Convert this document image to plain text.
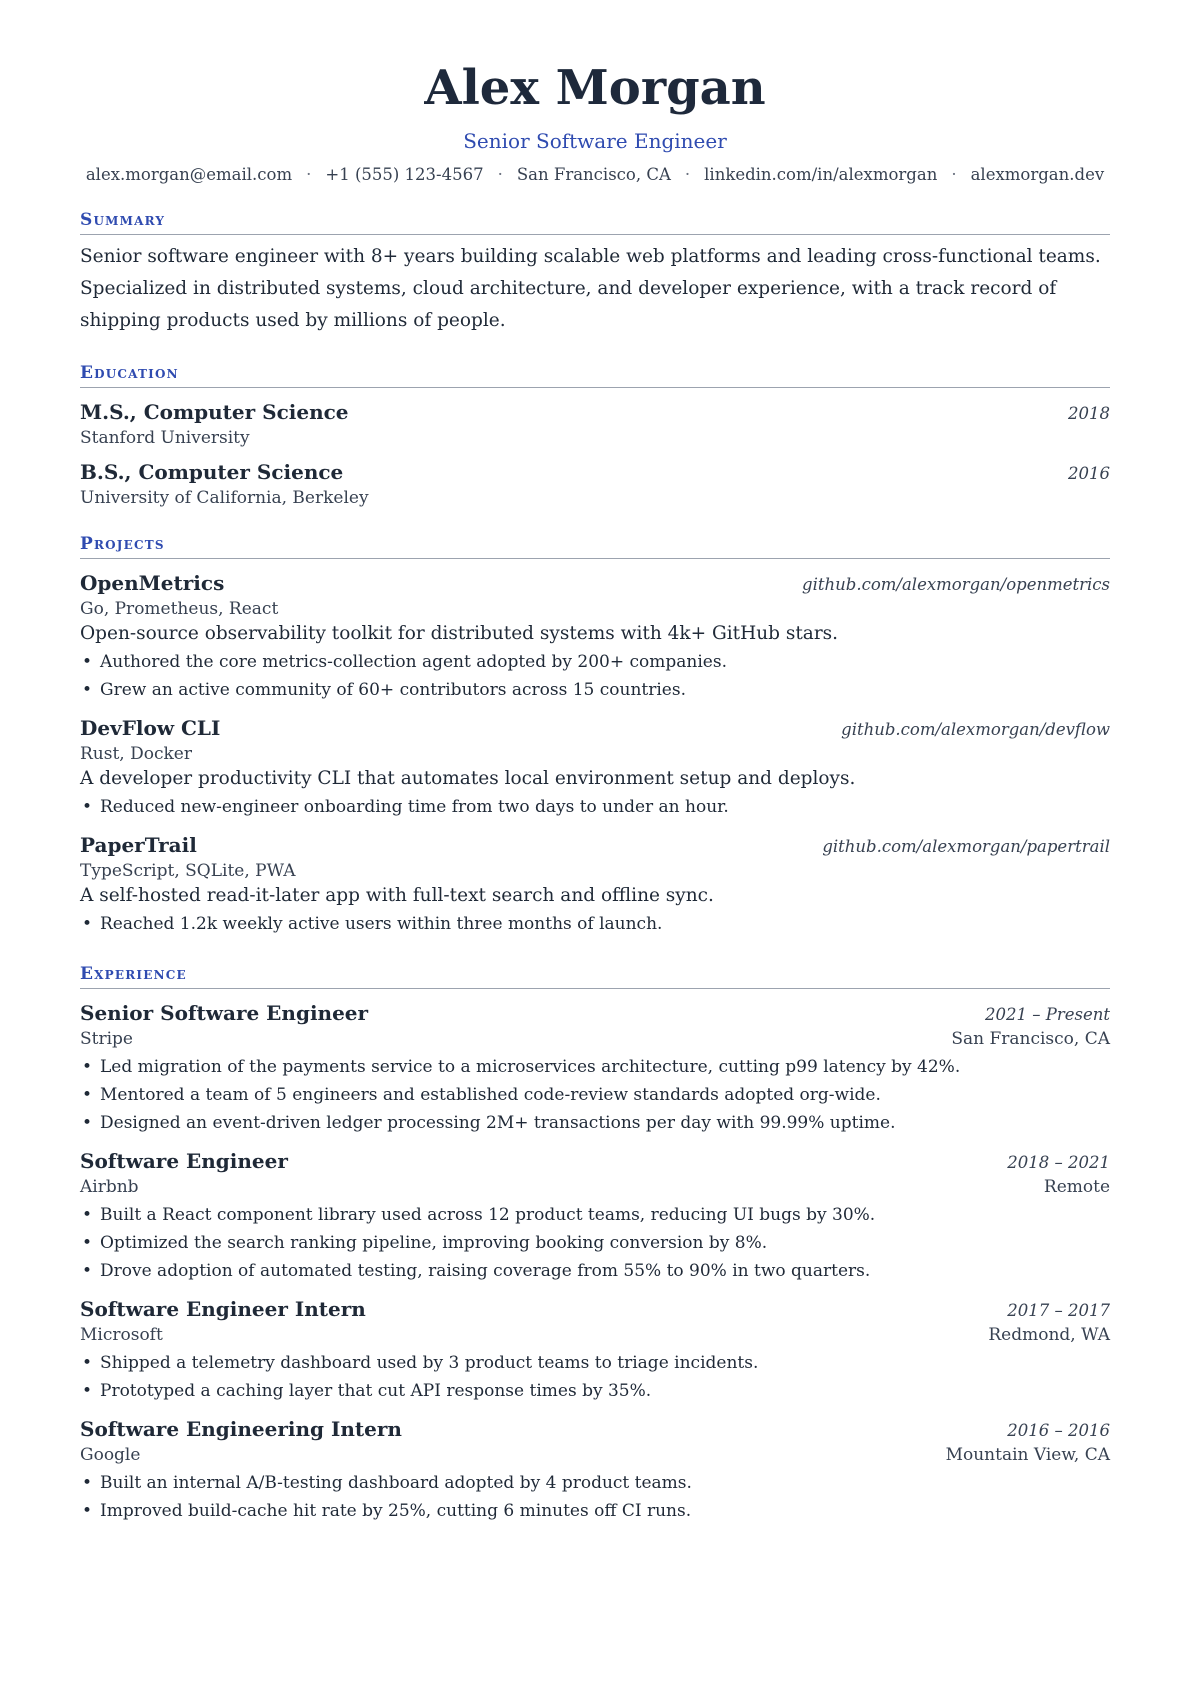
Alex Morgan
Senior Software Engineer
alex.morgan@email.com · +1 (555) 123-4567 · San Francisco, CA · linkedin.com/in/alexmorgan · alexmorgan.dev
Summary

Senior software engineer with 8+ years building scalable web platforms and leading cross-functional teams. Specialized in distributed systems, cloud architecture, and developer experience, with a track record of shipping products used by millions of people.

Education
M.S., Computer Science	2018
Stanford University
B.S., Computer Science	2016
University of California, Berkeley
Projects
OpenMetrics	github.com/alexmorgan/openmetrics
Go, Prometheus, React
Open-source observability toolkit for distributed systems with 4k+ GitHub stars.
• Authored the core metrics-collection agent adopted by 200+ companies.
• Grew an active community of 60+ contributors across 15 countries.
DevFlow CLI	github.com/alexmorgan/devflow
Rust, Docker
A developer productivity CLI that automates local environment setup and deploys.
• Reduced new-engineer onboarding time from two days to under an hour.
PaperTrail	github.com/alexmorgan/papertrail
TypeScript, SQLite, PWA
A self-hosted read-it-later app with full-text search and offline sync.
• Reached 1.2k weekly active users within three months of launch.
Experience
Senior Software Engineer	2021 – Present
Stripe	San Francisco, CA
• Led migration of the payments service to a microservices architecture, cutting p99 latency by 42%.
• Mentored a team of 5 engineers and established code-review standards adopted org-wide.
• Designed an event-driven ledger processing 2M+ transactions per day with 99.99% uptime.
Software Engineer	2018 – 2021
Airbnb	Remote
• Built a React component library used across 12 product teams, reducing UI bugs by 30%.
• Optimized the search ranking pipeline, improving booking conversion by 8%.
• Drove adoption of automated testing, raising coverage from 55% to 90% in two quarters.
Software Engineer Intern	2017 – 2017
Microsoft	Redmond, WA
• Shipped a telemetry dashboard used by 3 product teams to triage incidents.
• Prototyped a caching layer that cut API response times by 35%.
Software Engineering Intern	2016 – 2016
Google	Mountain View, CA
• Built an internal A/B-testing dashboard adopted by 4 product teams.
• Improved build-cache hit rate by 25%, cutting 6 minutes off CI runs.
